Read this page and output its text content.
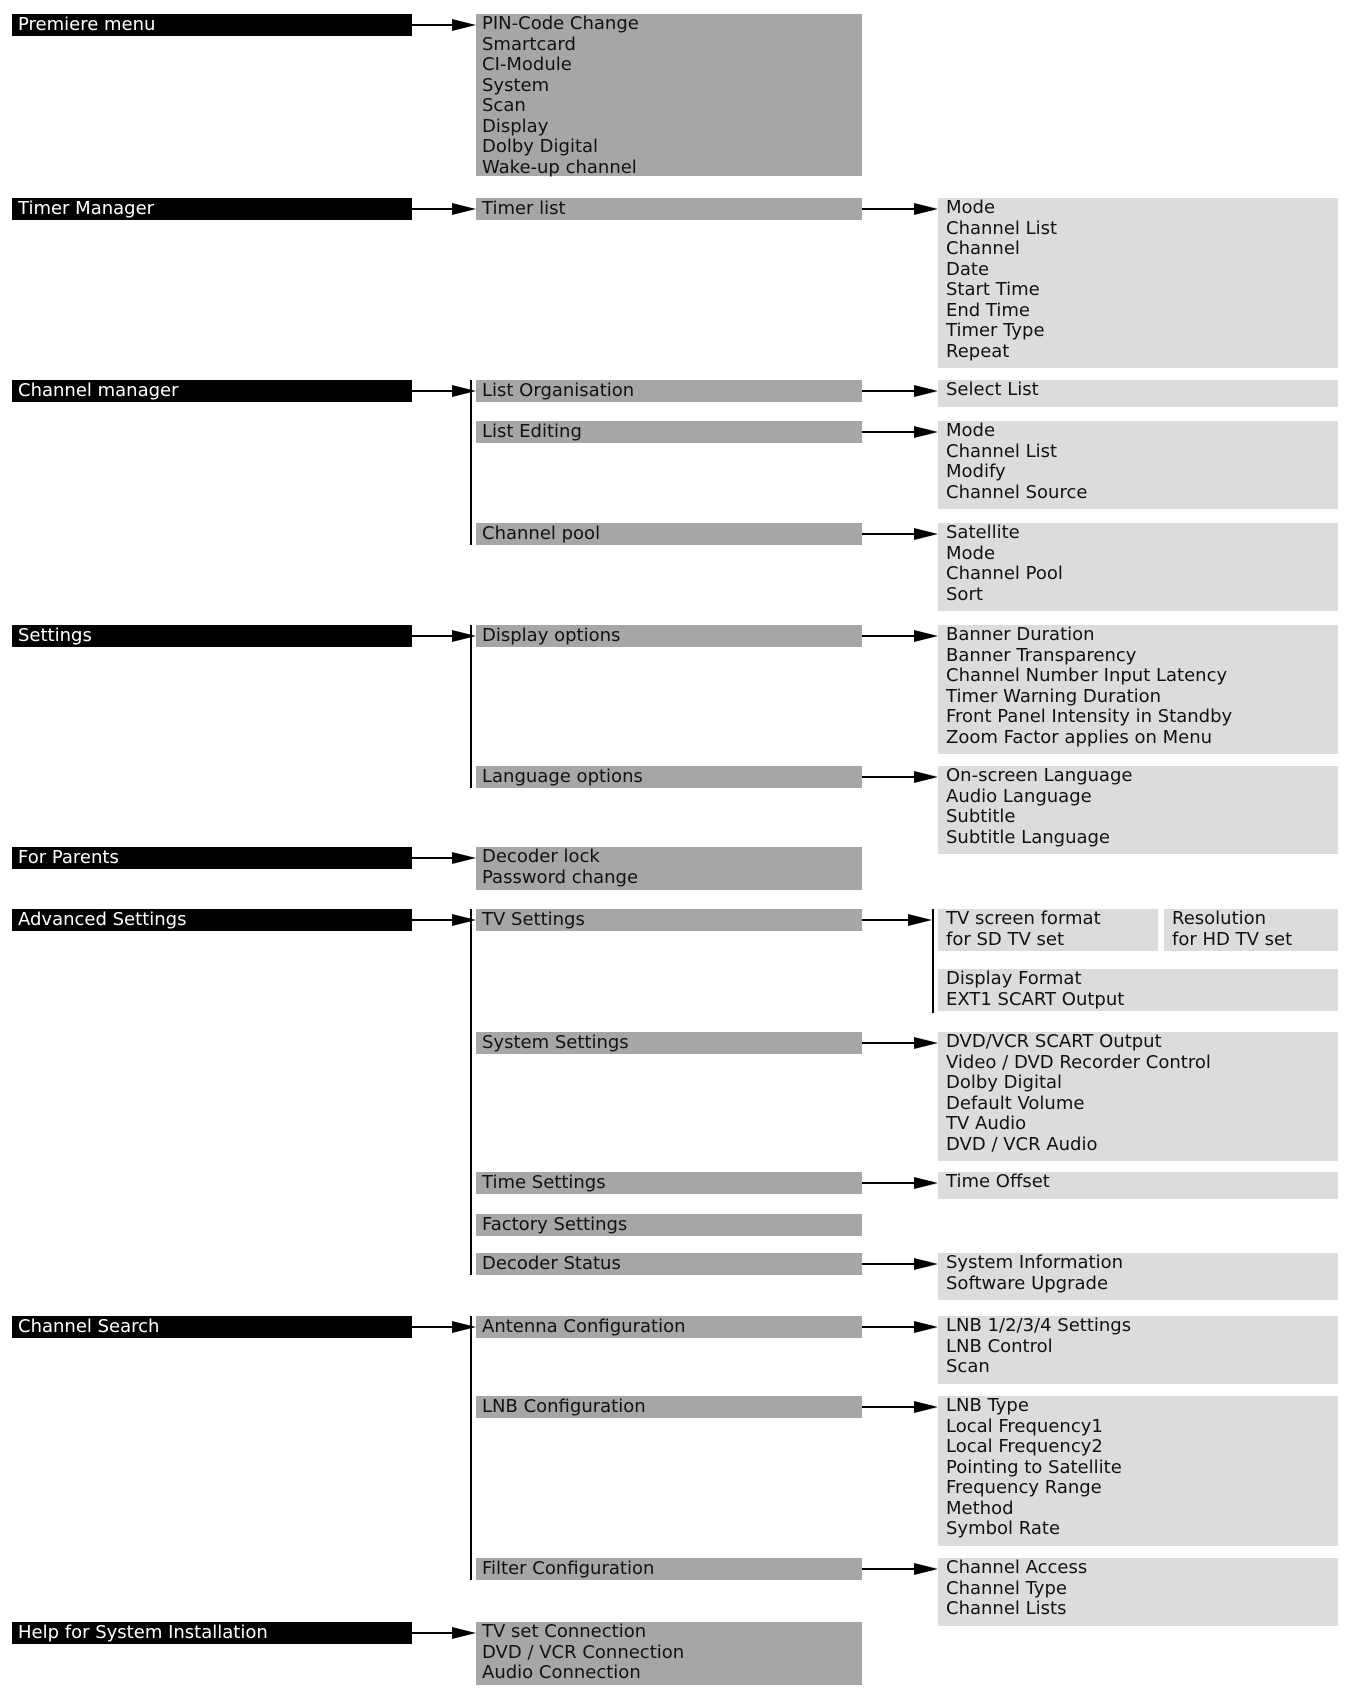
Premiere menu	PIN-Code Change
Smartcard
CI-Module
System
Scan
Display
Dolby Digital
Wake-up channel
Timer Manager	Timer list	Mode
Channel List
Channel
Date
Start Time
End Time
Timer Type
Repeat
Channel manager	List Organisation	Select List
List Editing	Mode
Channel List
Modify
Channel Source
Channel pool	Satellite
Mode
Channel Pool
Sort
Settings	Display options	Banner Duration
Banner Transparency
Channel Number Input Latency
Timer Warning Duration
Front Panel Intensity in Standby
Zoom Factor applies on Menu
Language options	On-screen Language
Audio Language
Subtitle
Subtitle Language
For Parents	Decoder lock
Password change
Advanced Settings	TV Settings	TV screen format
for SD TV set
Resolution
for HD TV set
Display Format
EXT1 SCART Output
System Settings	DVD/VCR SCART Output
Video / DVD Recorder Control
Dolby Digital
Default Volume
TV Audio
DVD / VCR Audio
Time Settings	Time Offset
Factory Settings
Decoder Status	System Information
Software Upgrade
Channel Search	Antenna Configuration	LNB 1/2/3/4 Settings
LNB Control
Scan
LNB Configuration	LNB Type
Local Frequency1
Local Frequency2
Pointing to Satellite
Frequency Range
Method
Symbol Rate
Filter Configuration	Channel Access
Channel Type
Channel Lists
Help for System Installation	TV set Connection
DVD / VCR Connection
Audio Connection
